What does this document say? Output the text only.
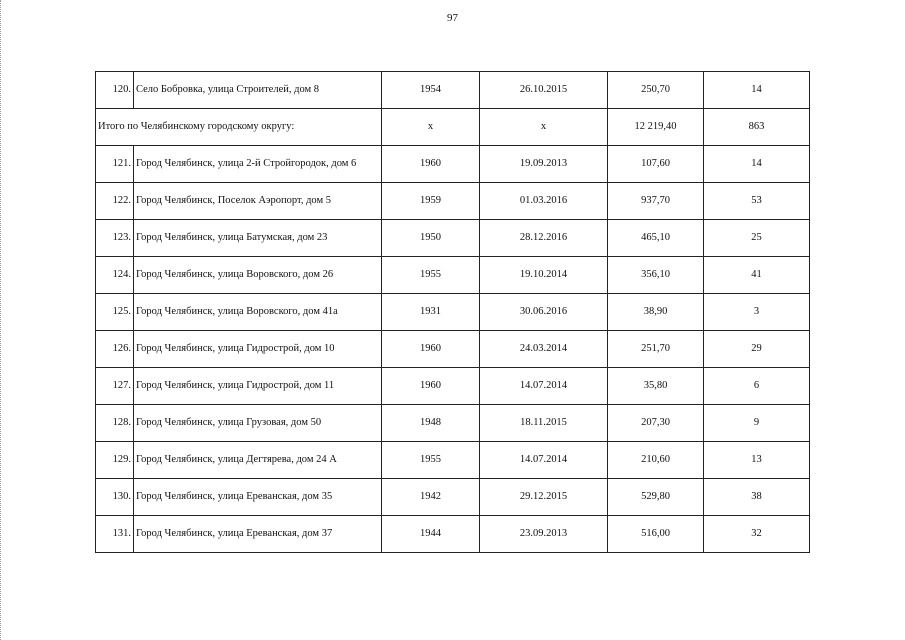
97
120.	Село Бобровка, улица Строителей, дом 8	1954	26.10.2015	250,70	14
Итого по Челябинскому городскому округу:		х	х	12 219,40	863
121.	Город Челябинск, улица 2-й Стройгородок, дом 6	1960	19.09.2013	107,60	14
122.	Город Челябинск, Поселок Аэропорт, дом 5	1959	01.03.2016	937,70	53
123.	Город Челябинск, улица Батумская, дом 23	1950	28.12.2016	465,10	25
124.	Город Челябинск, улица Воровского, дом 26	1955	19.10.2014	356,10	41
125.	Город Челябинск, улица Воровского, дом 41а	1931	30.06.2016	38,90	3
126.	Город Челябинск, улица Гидрострой, дом 10	1960	24.03.2014	251,70	29
127.	Город Челябинск, улица Гидрострой, дом 11	1960	14.07.2014	35,80	6
128.	Город Челябинск, улица Грузовая, дом 50	1948	18.11.2015	207,30	9
129.	Город Челябинск, улица Дегтярева, дом 24 А	1955	14.07.2014	210,60	13
130.	Город Челябинск, улица Ереванская, дом 35	1942	29.12.2015	529,80	38
131.	Город Челябинск, улица Ереванская, дом 37	1944	23.09.2013	516,00	32
